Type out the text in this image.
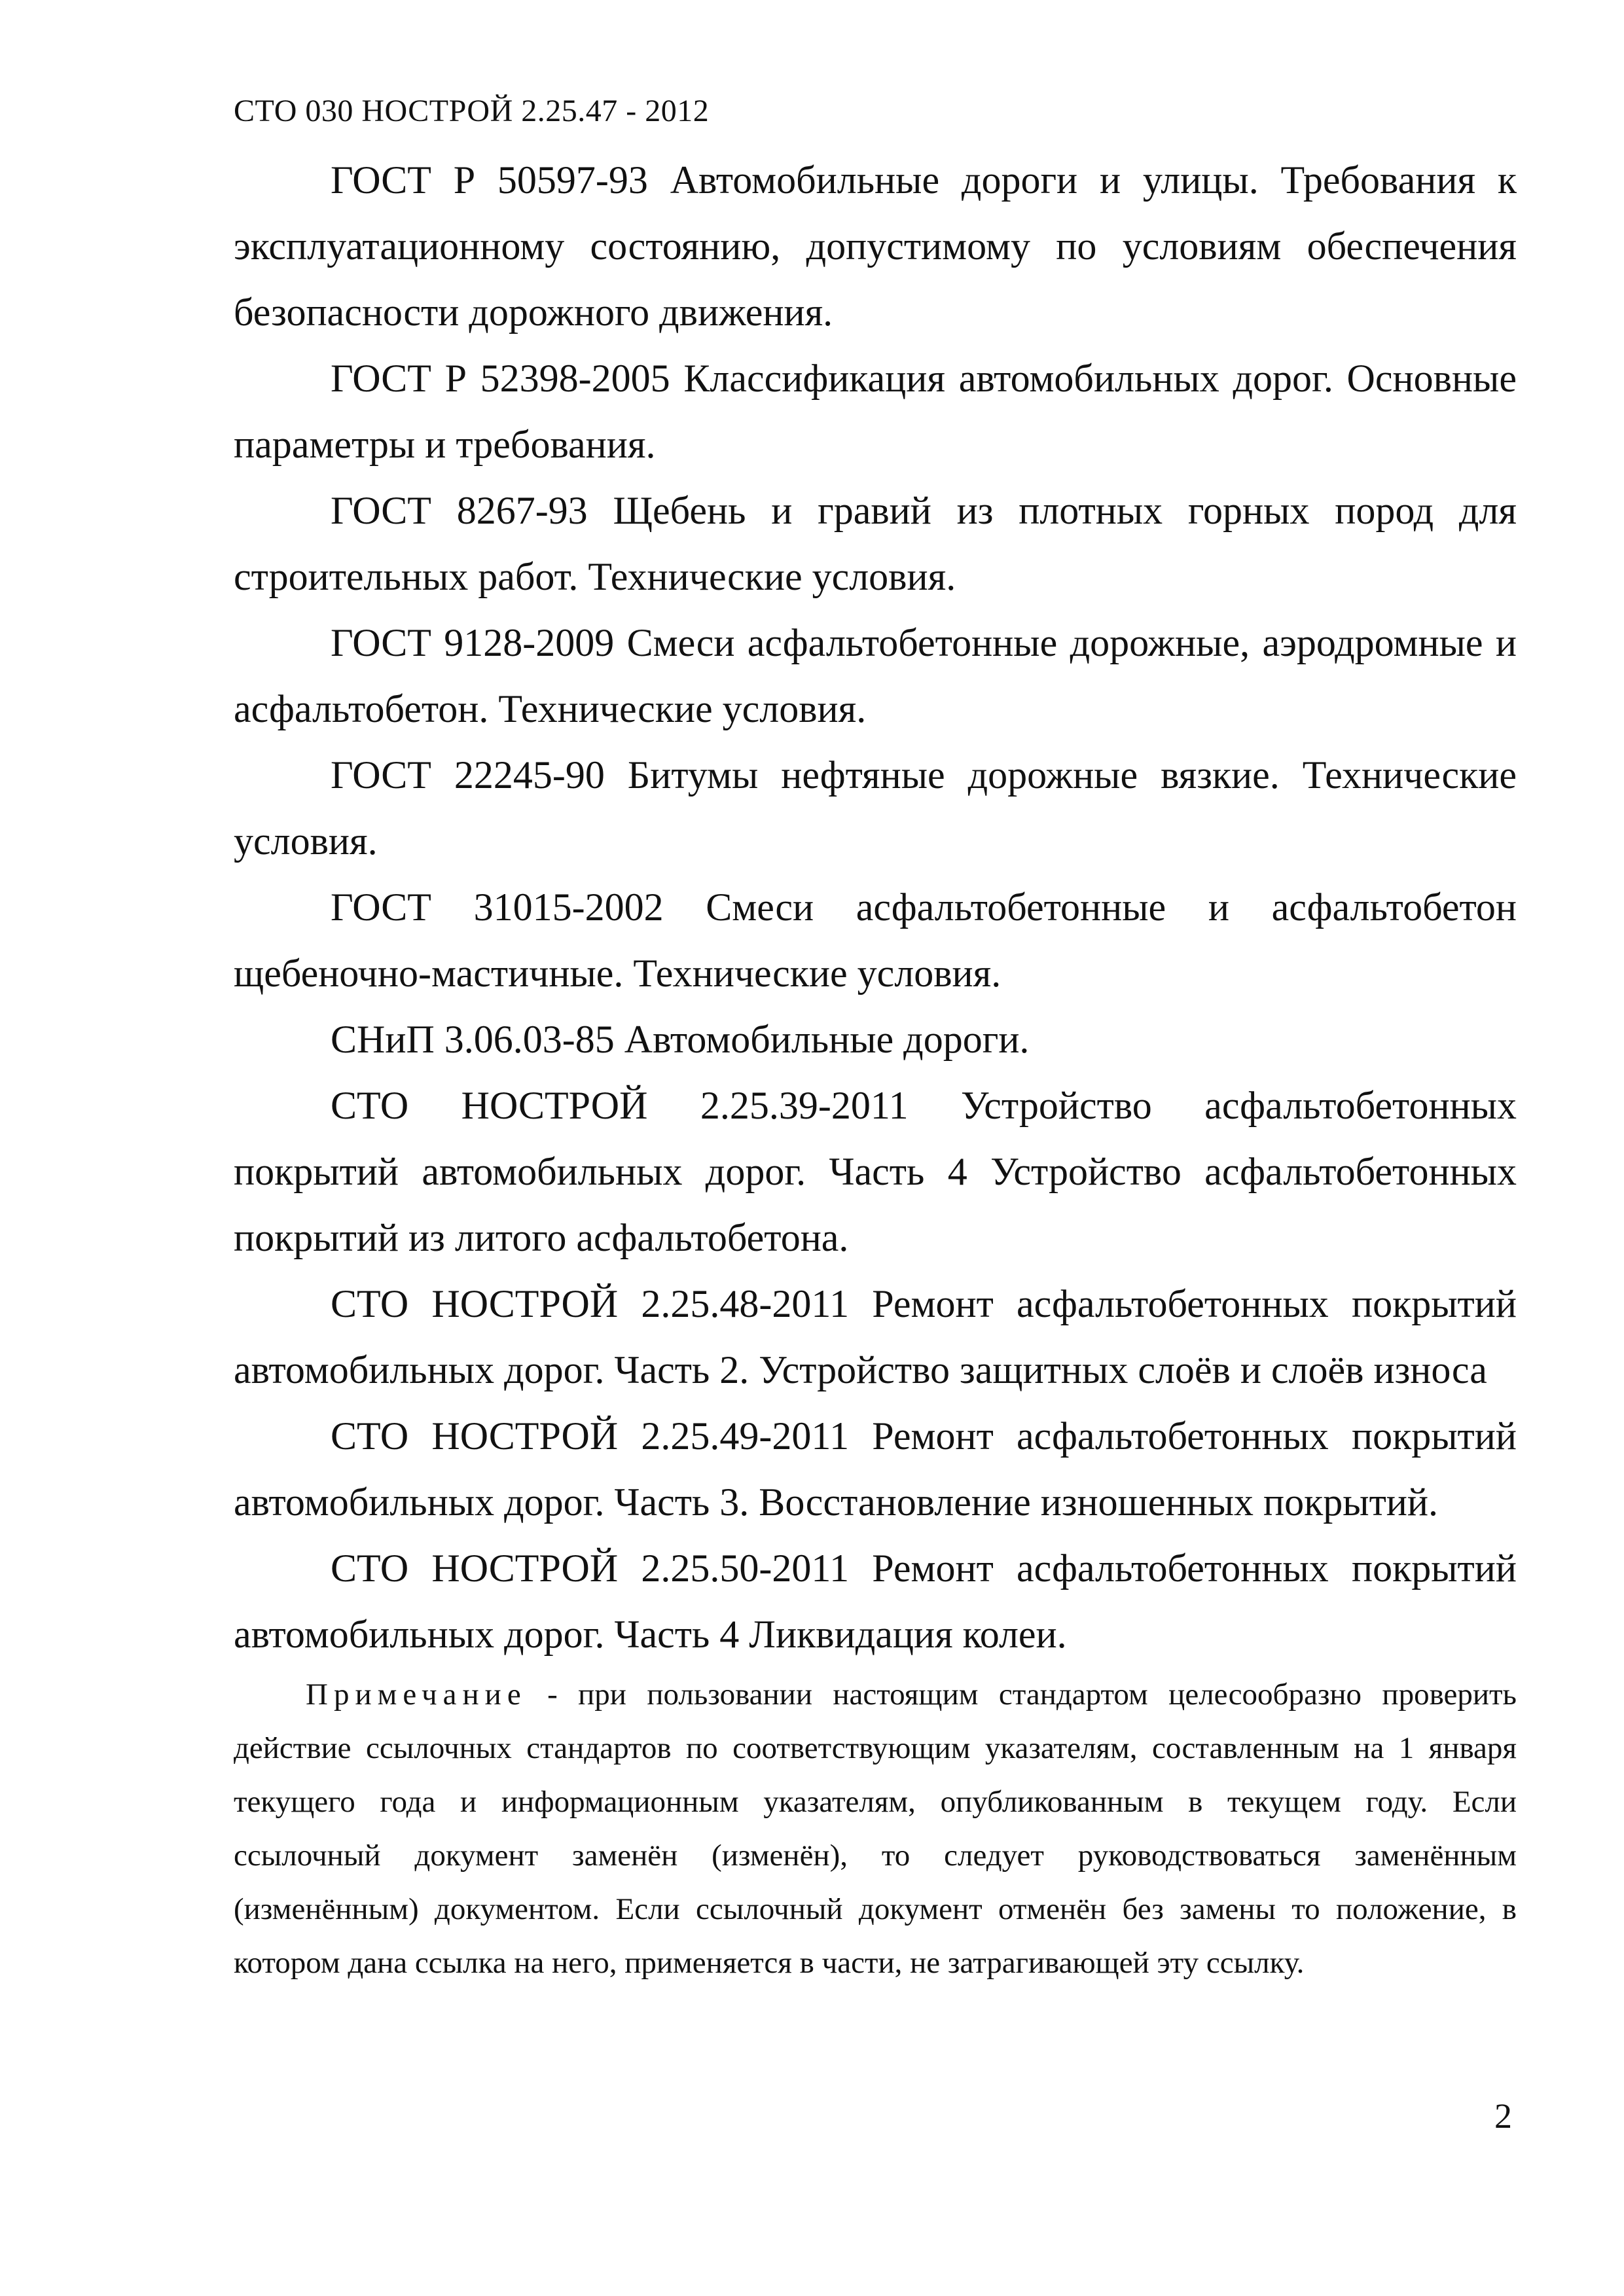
СТО 030 НОСТРОЙ 2.25.47 - 2012

ГОСТ Р 50597-93 Автомобильные дороги и улицы. Требования к эксплуатационному состоянию, допустимому по условиям обеспечения безопасности дорожного движения.

ГОСТ Р 52398-2005 Классификация автомобильных дорог. Основные параметры и требования.

ГОСТ 8267-93 Щебень и гравий из плотных горных пород для строительных работ. Технические условия.

ГОСТ 9128-2009 Смеси асфальтобетонные дорожные, аэродромные и асфальтобетон. Технические условия.

ГОСТ 22245-90 Битумы нефтяные дорожные вязкие. Технические условия.

ГОСТ 31015-2002 Смеси асфальтобетонные и асфальтобетон щебеночно-мастичные. Технические условия.

СНиП 3.06.03-85 Автомобильные дороги.

СТО НОСТРОЙ 2.25.39-2011 Устройство асфальтобетонных покрытий автомобильных дорог. Часть 4 Устройство асфальтобетонных покрытий из литого асфальтобетона.

СТО НОСТРОЙ 2.25.48-2011 Ремонт асфальтобетонных покрытий автомобильных дорог. Часть 2. Устройство защитных слоёв и слоёв износа

СТО НОСТРОЙ 2.25.49-2011 Ремонт асфальтобетонных покрытий автомобильных дорог. Часть 3. Восстановление изношенных покрытий.

СТО НОСТРОЙ 2.25.50-2011 Ремонт асфальтобетонных покрытий автомобильных дорог. Часть 4 Ликвидация колеи.

Примечание - при пользовании настоящим стандартом целесообразно проверить действие ссылочных стандартов по соответствующим указателям, составленным на 1 января текущего года и информационным указателям, опубликованным в текущем году. Если ссылочный документ заменён (изменён), то следует руководствоваться заменённым (изменённым) документом. Если ссылочный документ отменён без замены то положение, в котором дана ссылка на него, применяется в части, не затрагивающей эту ссылку.
2
